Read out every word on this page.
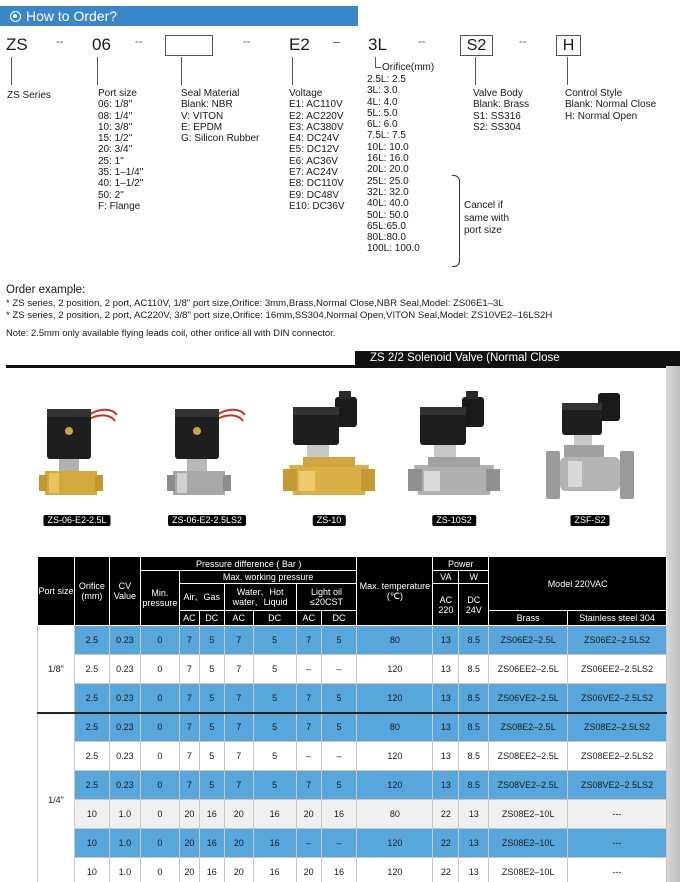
How to Order?
ZS	-- 06 --	-- E2 – 3L	--	S2	--	H
ZS Series	Port size
06: 1/8"
08: 1/4"
10: 3/8"
15: 1/2"
20: 3/4"
25: 1"
35: 1–1/4"
40: 1–1/2"
50: 2"
F: Flange
Seal Material
Blank: NBR
V: VITON
E: EPDM
G: Silicon Rubber
Voltage
E1: AC110V
E2: AC220V
E3: AC380V
E4: DC24V
E5: DC12V
E6: AC36V
E7: AC24V
E8: DC110V
E9: DC48V
E10: DC36V
Orifice(mm)
2.5L: 2.5
3L: 3.0
4L: 4.0
5L: 5.0
6L: 6.0
7.5L: 7.5
10L: 10.0
16L: 16.0
20L: 20.0
25L: 25.0
32L: 32.0
40L: 40.0
50L: 50.0
65L:65.0
80L:80.0
100L: 100.0
Cancel if
same with
port size
Valve Body
Blank: Brass
S1: SS316
S2: SS304
Control Style
Blank: Normal Close
H: Normal Open
Order example:
* ZS series, 2 position, 2 port, AC110V, 1/8" port size,Orifice: 3mm,Brass,Normal Close,NBR Seal,Model: ZS06E1–3L
* ZS series, 2 position, 2 port, AC220V, 3/8" port size,Orifice: 16mm,SS304,Normal Open,VITON Seal,Model: ZS10VE2–16LS2H
Note: 2.5mm only available flying leads coil, other orifice all with DIN connector.
ZS 2/2 Solenoid Valve (Normal Close
ZS-06-E2-2.5L	ZS-06-E2-2.5LS2	ZS-10	ZS-10S2	ZSF-S2
Port size	Orifice (mm)	CV Value	Pressure difference ( Bar )							Max. temperature (℃)	Power		Model 220VAC	
			Min. pressure	Max. working pressure							VA	W		
				Air、Gas		Water、Hot water、Liquid		Light oil ≤20CST			AC 220	DC 24V		
				AC	DC	AC	DC	AC	DC				Brass	Stainless steel 304
1/8"	2.5	0.23	0	7	5	7	5	7	5	80	13	8.5	ZS06E2–2.5L	ZS06E2–2.5LS2
	2.5	0.23	0	7	5	7	5	–	–	120	13	8.5	ZS06EE2–2.5L	ZS06EE2–2.5LS2
	2.5	0.23	0	7	5	7	5	7	5	120	13	8.5	ZS06VE2–2.5L	ZS06VE2–2.5LS2
1/4"	2.5	0.23	0	7	5	7	5	7	5	80	13	8.5	ZS08E2–2.5L	ZS08E2–2.5LS2
	2.5	0.23	0	7	5	7	5	–	–	120	13	8.5	ZS08EE2–2.5L	ZS08EE2–2.5LS2
	2.5	0.23	0	7	5	7	5	7	5	120	13	8.5	ZS08VE2–2.5L	ZS08VE2–2.5LS2
	10	1.0	0	20	16	20	16	20	16	80	22	13	ZS08E2–10L	---
	10	1.0	0	20	16	20	16	–	–	120	22	13	ZS08E2–10L	---
	10	1.0	0	20	16	20	16	20	16	120	22	13	ZS08E2–10L	---
